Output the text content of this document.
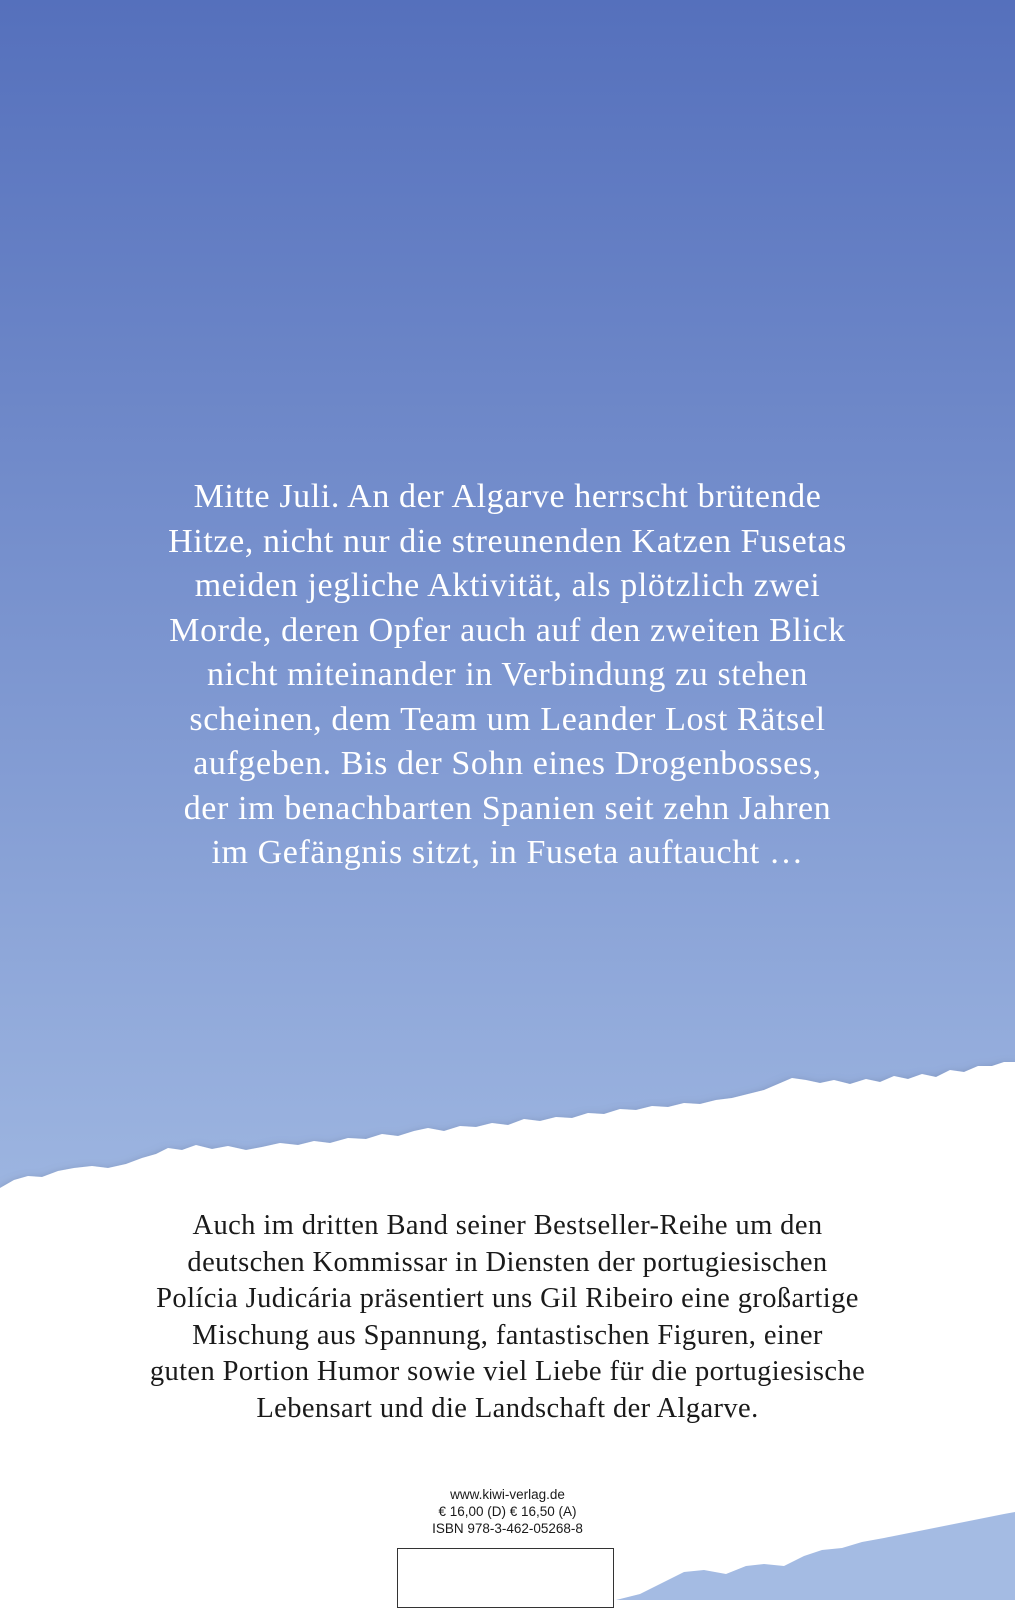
Mitte Juli. An der Algarve herrscht brütende
Hitze, nicht nur die streunenden Katzen Fusetas
meiden jegliche Aktivität, als plötzlich zwei
Morde, deren Opfer auch auf den zweiten Blick
nicht miteinander in Verbindung zu stehen
scheinen, dem Team um Leander Lost Rätsel
aufgeben. Bis der Sohn eines Drogenbosses,
der im benachbarten Spanien seit zehn Jahren
im Gefängnis sitzt, in Fuseta auftaucht …

Auch im dritten Band seiner Bestseller-Reihe um den
deutschen Kommissar in Diensten der portugiesischen
Polícia Judicária präsentiert uns Gil Ribeiro eine großartige
Mischung aus Spannung, fantastischen Figuren, einer
guten Portion Humor sowie viel Liebe für die portugiesische
Lebensart und die Landschaft der Algarve.

www.kiwi-verlag.de
€ 16,00 (D) € 16,50 (A)
ISBN 978-3-462-05268-8
